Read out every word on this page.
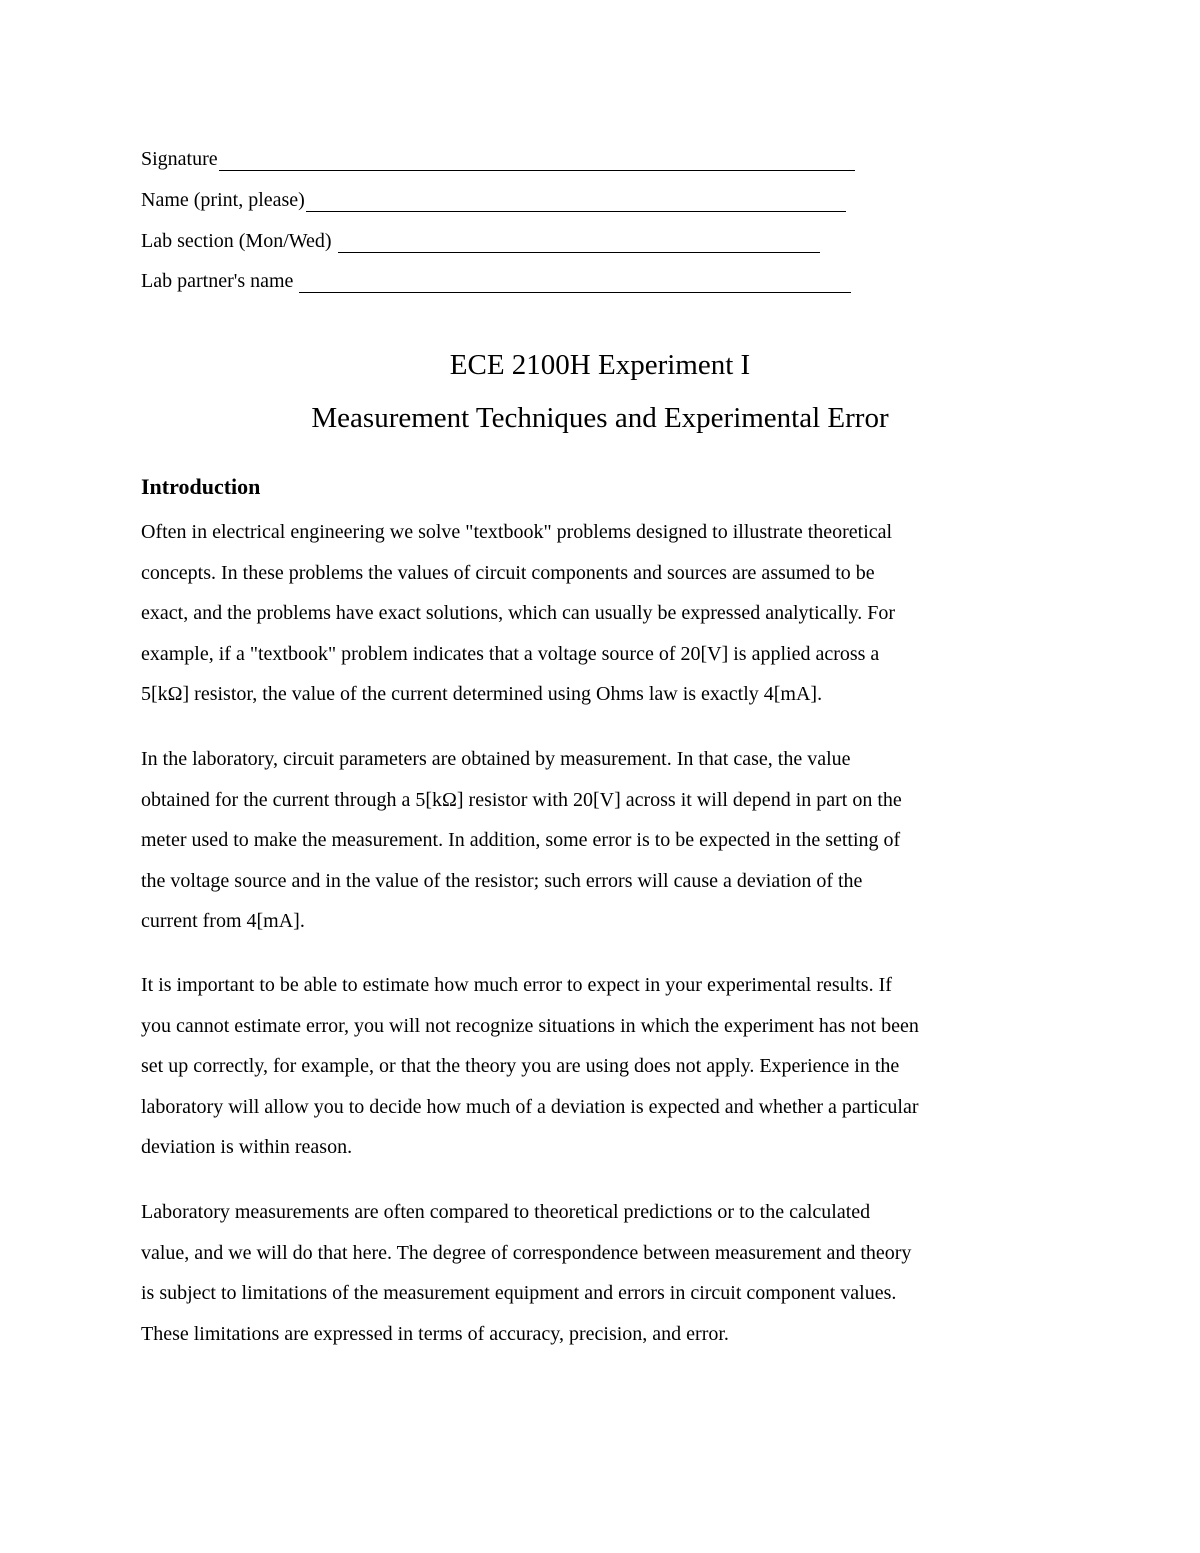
Signature
Name (print, please)
Lab section (Mon/Wed)
Lab partner's name
ECE 2100H Experiment I
Measurement Techniques and Experimental Error
Introduction
Often in electrical engineering we solve "textbook" problems designed to illustrate theoretical
concepts. In these problems the values of circuit components and sources are assumed to be
exact, and the problems have exact solutions, which can usually be expressed analytically. For
example, if a "textbook" problem indicates that a voltage source of 20[V] is applied across a
5[kΩ] resistor, the value of the current determined using Ohms law is exactly 4[mA].
In the laboratory, circuit parameters are obtained by measurement. In that case, the value
obtained for the current through a 5[kΩ] resistor with 20[V] across it will depend in part on the
meter used to make the measurement. In addition, some error is to be expected in the setting of
the voltage source and in the value of the resistor; such errors will cause a deviation of the
current from 4[mA].
It is important to be able to estimate how much error to expect in your experimental results. If
you cannot estimate error, you will not recognize situations in which the experiment has not been
set up correctly, for example, or that the theory you are using does not apply. Experience in the
laboratory will allow you to decide how much of a deviation is expected and whether a particular
deviation is within reason.
Laboratory measurements are often compared to theoretical predictions or to the calculated
value, and we will do that here. The degree of correspondence between measurement and theory
is subject to limitations of the measurement equipment and errors in circuit component values.
These limitations are expressed in terms of accuracy, precision, and error.
